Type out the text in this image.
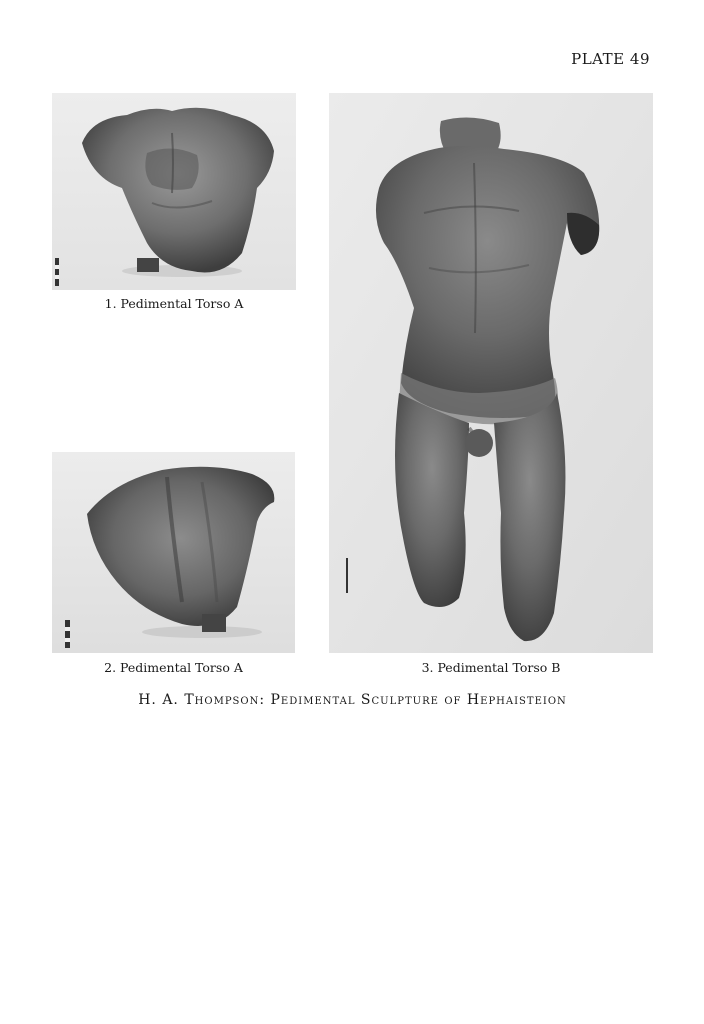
PLATE 49
1. Pedimental Torso A
2. Pedimental Torso A	3. Pedimental Torso B
H. A. Thompson: Pedimental Sculpture of Hephaisteion
